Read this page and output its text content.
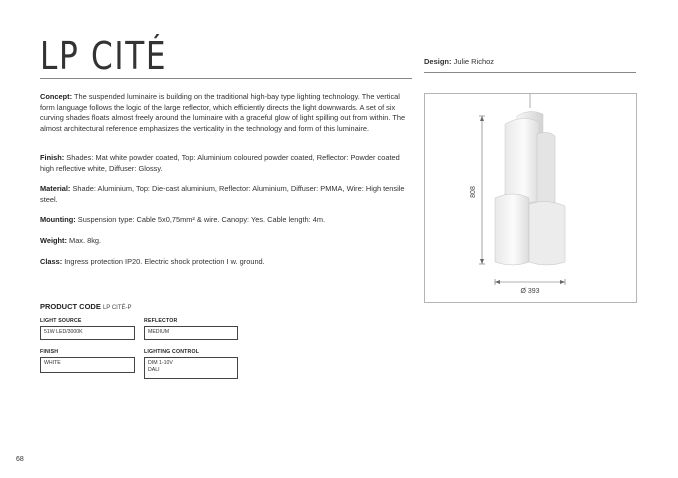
LP CITÉ	Design: Julie Richoz
Concept: The suspended luminaire is building on the traditional high-bay type lighting technology. The vertical form language follows the logic of the large reflector, which efficiently directs the light downwards. A set of six curving shades floats almost freely around the luminaire with a graceful glow of light spilling out from within. The almost architectural reference emphasizes the verticality in the technology and form of this luminaire.
Finish: Shades: Mat white powder coated, Top: Aluminium coloured powder coated, Reflector: Powder coated high reflective white, Diffuser: Glossy.
Material: Shade: Aluminium, Top: Die-cast aluminium, Reflector: Aluminium, Diffuser: PMMA, Wire: High tensile steel.
Mounting: Suspension type: Cable 5x0,75mm² & wire. Canopy: Yes. Cable length: 4m.
Weight: Max. 8kg.
Class: Ingress protection IP20. Electric shock protection I w. ground.
808
Ø 393
PRODUCT CODE LP CITÉ-P
LIGHT SOURCE
51W LED/3000K
REFLECTOR
MEDIUM
FINISH
WHITE
LIGHTING CONTROL
DIM 1-10V
DALI
68
